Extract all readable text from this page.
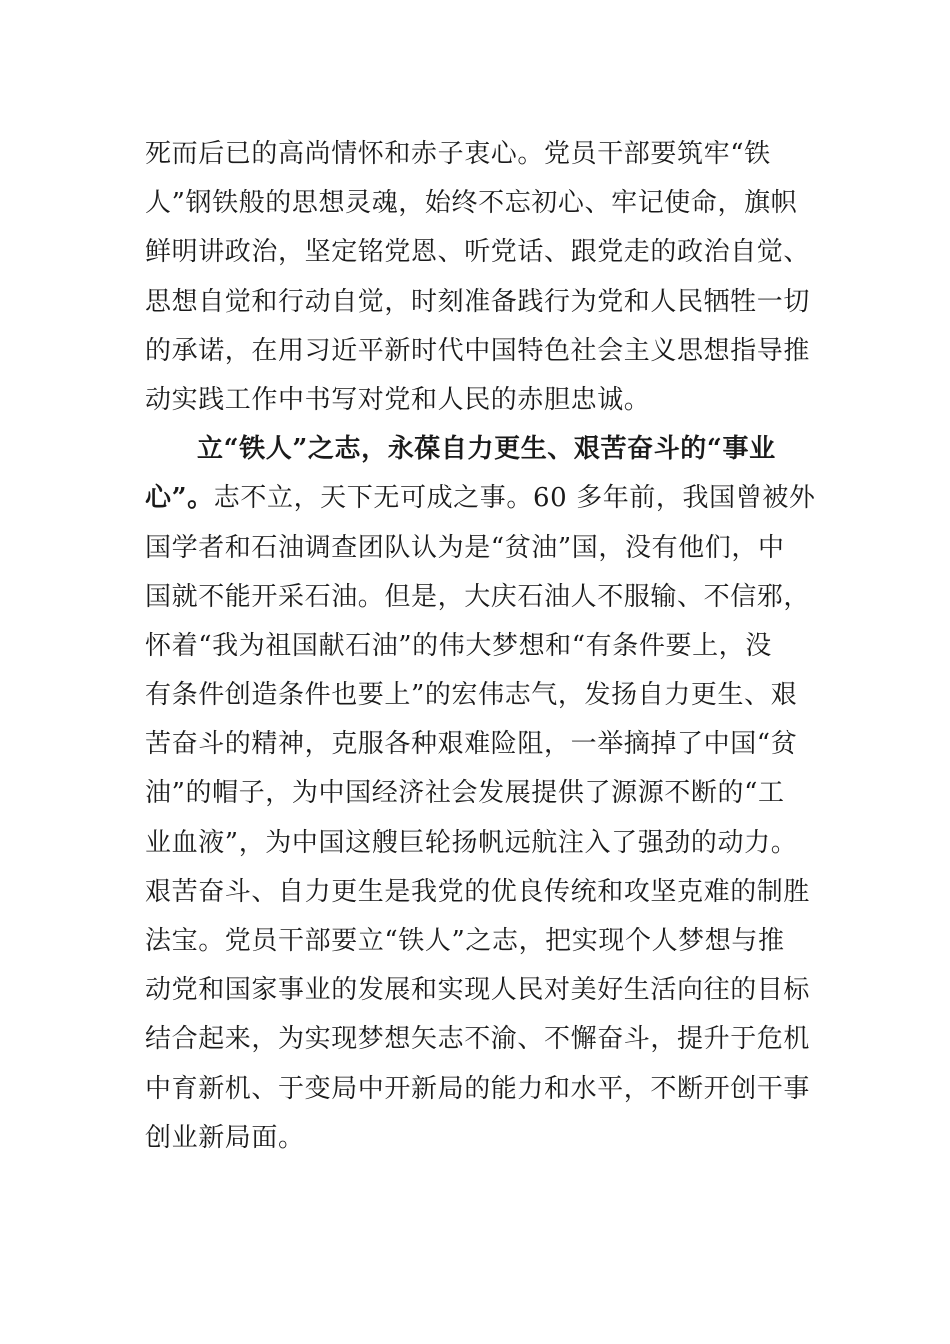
死而后已的高尚情怀和赤子衷心。党员干部要筑牢“铁
人”钢铁般的思想灵魂，始终不忘初心、牢记使命，旗帜
鲜明讲政治，坚定铭党恩、听党话、跟党走的政治自觉、
思想自觉和行动自觉，时刻准备践行为党和人民牺牲一切
的承诺，在用习近平新时代中国特色社会主义思想指导推
动实践工作中书写对党和人民的赤胆忠诚。
立“铁人”之志，永葆自力更生、艰苦奋斗的“事业
心”。志不立，天下无可成之事。60 多年前，我国曾被外
国学者和石油调查团队认为是“贫油”国，没有他们，中
国就不能开采石油。但是，大庆石油人不服输、不信邪，
怀着“我为祖国献石油”的伟大梦想和“有条件要上，没
有条件创造条件也要上”的宏伟志气，发扬自力更生、艰
苦奋斗的精神，克服各种艰难险阻，一举摘掉了中国“贫
油”的帽子，为中国经济社会发展提供了源源不断的“工
业血液”，为中国这艘巨轮扬帆远航注入了强劲的动力。
艰苦奋斗、自力更生是我党的优良传统和攻坚克难的制胜
法宝。党员干部要立“铁人”之志，把实现个人梦想与推
动党和国家事业的发展和实现人民对美好生活向往的目标
结合起来，为实现梦想矢志不渝、不懈奋斗，提升于危机
中育新机、于变局中开新局的能力和水平，不断开创干事
创业新局面。
